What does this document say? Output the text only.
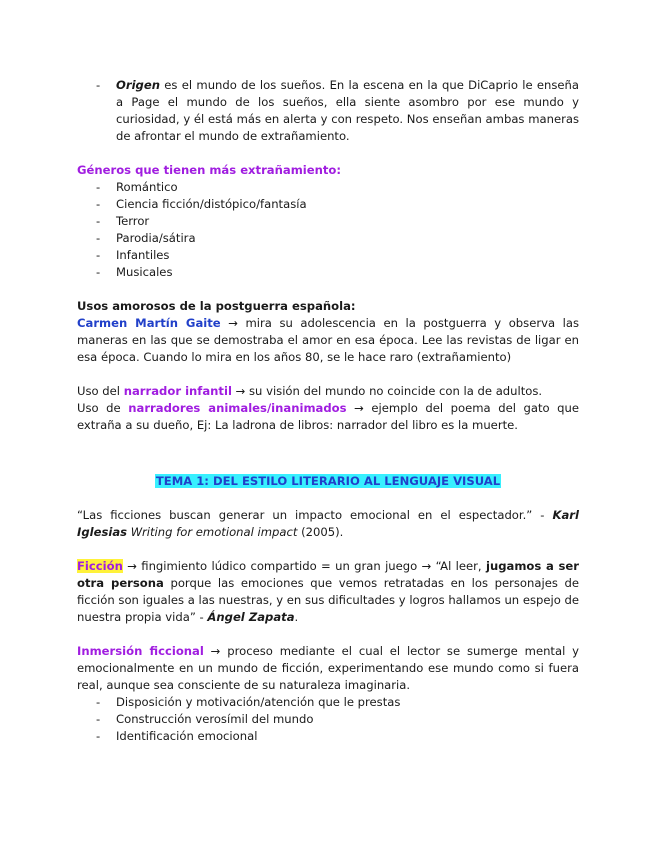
- Origen es el mundo de los sueños. En la escena en la que DiCaprio le enseña a Page el mundo de los sueños, ella siente asombro por ese mundo y curiosidad, y él está más en alerta y con respeto. Nos enseñan ambas maneras de afrontar el mundo de extrañamiento.

Géneros que tienen más extrañamiento:

- Romántico
- Ciencia ficción/distópico/fantasía
- Terror
- Parodia/sátira
- Infantiles
- Musicales

Usos amorosos de la postguerra española:

Carmen Martín Gaite → mira su adolescencia en la postguerra y observa las maneras en las que se demostraba el amor en esa época. Lee las revistas de ligar en esa época. Cuando lo mira en los años 80, se le hace raro (extrañamiento)

Uso del narrador infantil → su visión del mundo no coincide con la de adultos.

Uso de narradores animales/inanimados → ejemplo del poema del gato que extraña a su dueño, Ej: La ladrona de libros: narrador del libro es la muerte.

TEMA 1: DEL ESTILO LITERARIO AL LENGUAJE VISUAL

“Las ficciones buscan generar un impacto emocional en el espectador.” - Karl Iglesias Writing for emotional impact (2005).

Ficción → fingimiento lúdico compartido = un gran juego → “Al leer, jugamos a ser otra persona porque las emociones que vemos retratadas en los personajes de ficción son iguales a las nuestras, y en sus dificultades y logros hallamos un espejo de nuestra propia vida” - Ángel Zapata.

Inmersión ficcional → proceso mediante el cual el lector se sumerge mental y emocionalmente en un mundo de ficción, experimentando ese mundo como si fuera real, aunque sea consciente de su naturaleza imaginaria.

- Disposición y motivación/atención que le prestas
- Construcción verosímil del mundo
- Identificación emocional
